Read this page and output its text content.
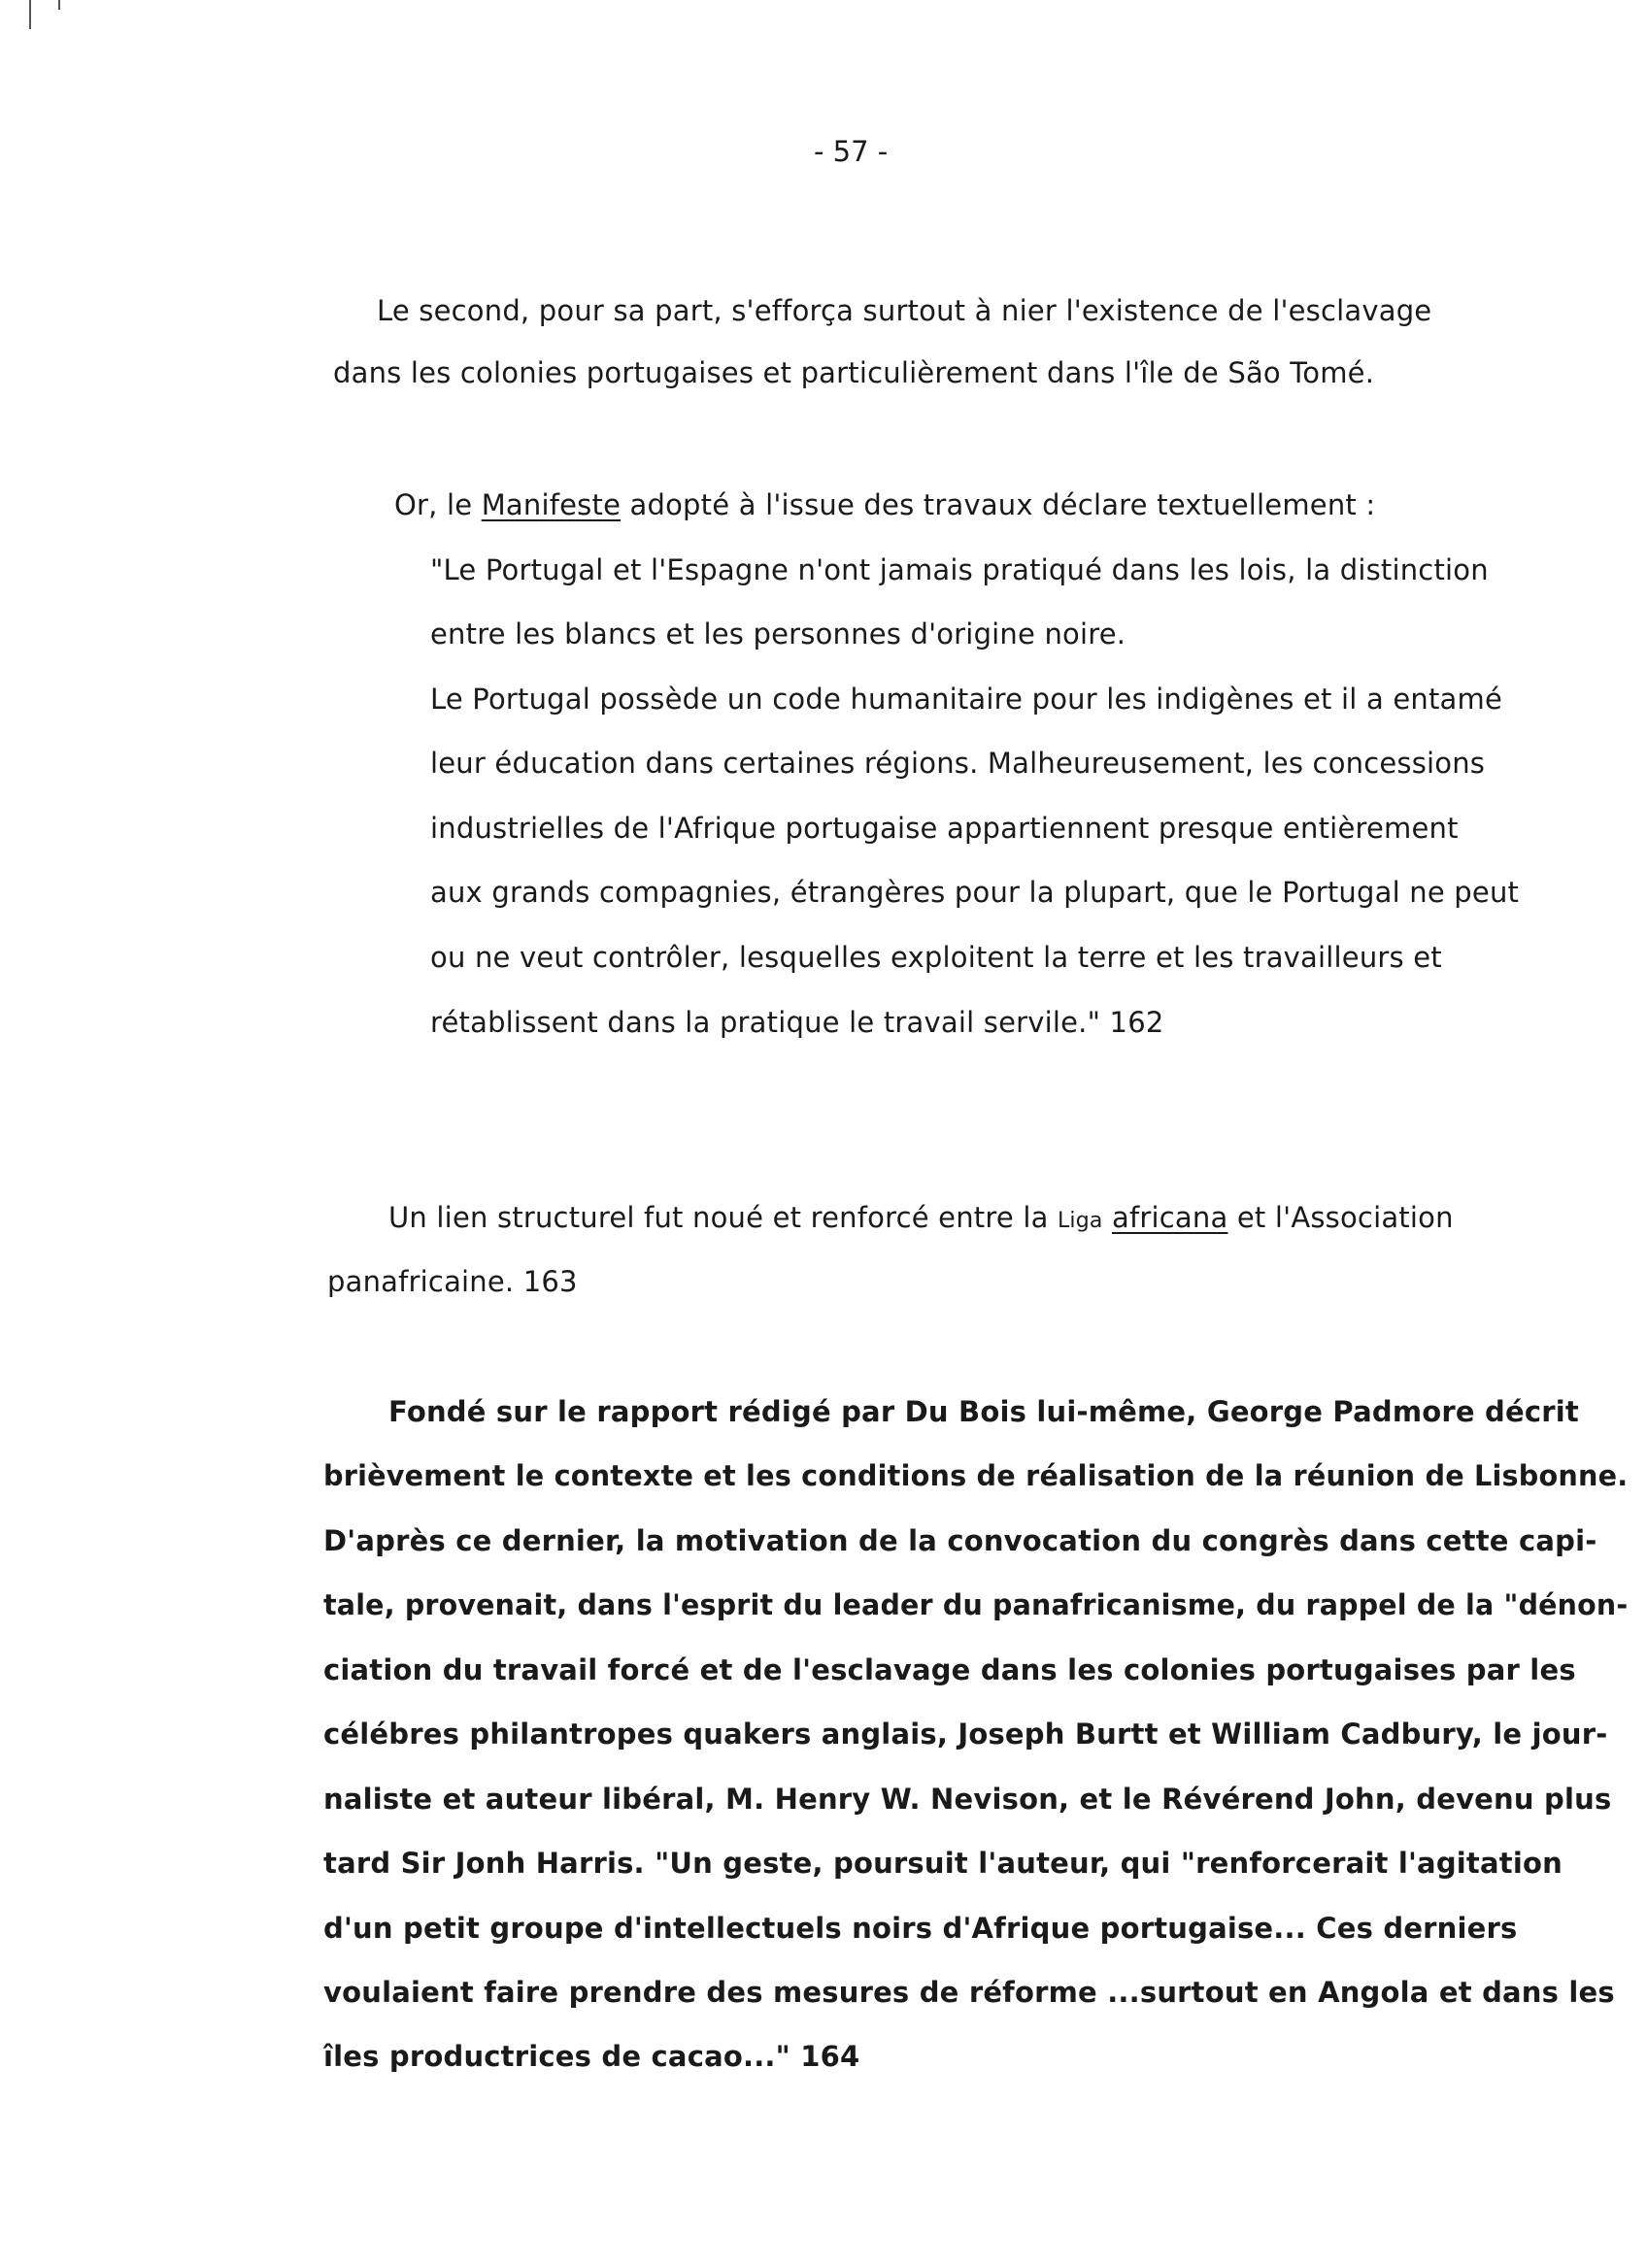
- 57 -
Le second, pour sa part, s'efforça surtout à nier l'existence de l'esclavage
dans les colonies portugaises et particulièrement dans l'île de São Tomé.
Or, le Manifeste adopté à l'issue des travaux déclare textuellement :
"Le Portugal et l'Espagne n'ont jamais pratiqué dans les lois, la distinction
entre les blancs et les personnes d'origine noire.
Le Portugal possède un code humanitaire pour les indigènes et il a entamé
leur éducation dans certaines régions. Malheureusement, les concessions
industrielles de l'Afrique portugaise appartiennent presque entièrement
aux grands compagnies, étrangères pour la plupart, que le Portugal ne peut
ou ne veut contrôler, lesquelles exploitent la terre et les travailleurs et
rétablissent dans la pratique le travail servile." 162
Un lien structurel fut noué et renforcé entre la Liga africana et l'Association
panafricaine. 163
Fondé sur le rapport rédigé par Du Bois lui-même, George Padmore décrit
brièvement le contexte et les conditions de réalisation de la réunion de Lisbonne.
D'après ce dernier, la motivation de la convocation du congrès dans cette capi-
tale, provenait, dans l'esprit du leader du panafricanisme, du rappel de la "dénon-
ciation du travail forcé et de l'esclavage dans les colonies portugaises par les
célébres philantropes quakers anglais, Joseph Burtt et William Cadbury, le jour-
naliste et auteur libéral, M. Henry W. Nevison, et le Révérend John, devenu plus
tard Sir Jonh Harris. "Un geste, poursuit l'auteur, qui "renforcerait l'agitation
d'un petit groupe d'intellectuels noirs d'Afrique portugaise... Ces derniers
voulaient faire prendre des mesures de réforme ...surtout en Angola et dans les
îles productrices de cacao..." 164
